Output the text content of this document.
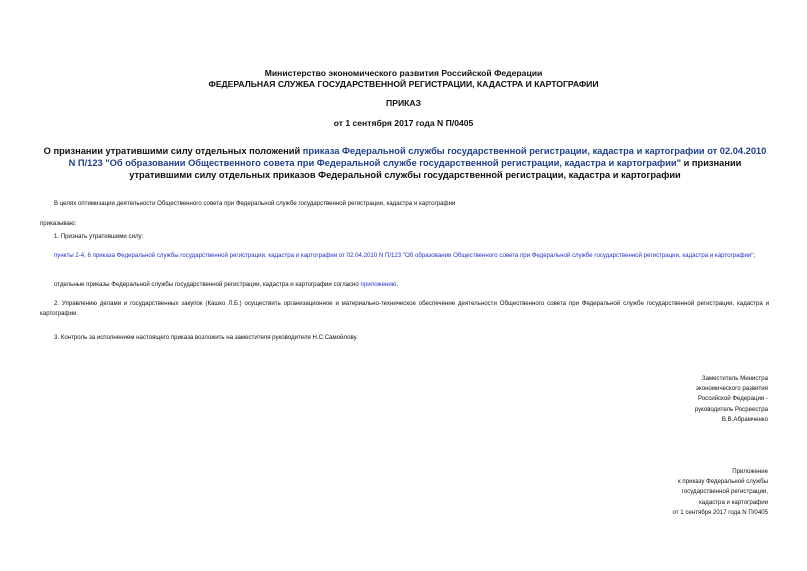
Министерство экономического развития Российской Федерации
ФЕДЕРАЛЬНАЯ СЛУЖБА ГОСУДАРСТВЕННОЙ РЕГИСТРАЦИИ, КАДАСТРА И КАРТОГРАФИИ
ПРИКАЗ
от 1 сентября 2017 года N П/0405
О признании утратившими силу отдельных положений приказа Федеральной службы государственной регистрации, кадастра и картографии от 02.04.2010 N П/123 "Об образовании Общественного совета при Федеральной службе государственной регистрации, кадастра и картографии" и признании утратившими силу отдельных приказов Федеральной службы государственной регистрации, кадастра и картографии
В целях оптимизации деятельности Общественного совета при Федеральной службе государственной регистрации, кадастра и картографии
приказываю:
1. Признать утратившими силу:
пункты 2-4, 6 приказа Федеральной службы государственной регистрации, кадастра и картографии от 02.04.2010 N П/123 "Об образовании Общественного совета при Федеральной службе государственной регистрации, кадастра и картографии";
отдельные приказы Федеральной службы государственной регистрации, кадастра и картографии согласно приложению.
2. Управлению делами и государственных закупок (Кашко Л.Б.) осуществить организационное и материально-техническое обеспечение деятельности Общественного совета при Федеральной службе государственной регистрации, кадастра и картографии.
3. Контроль за исполнением настоящего приказа возложить на заместителя руководителя Н.С.Самойлову.
Заместитель Министра
экономического развития
Российской Федерации -
руководитель Росреестра
В.В.Абрамченко
Приложение
к приказу Федеральной службы
государственной регистрации,
кадастра и картографии
от 1 сентября 2017 года N П/0405
